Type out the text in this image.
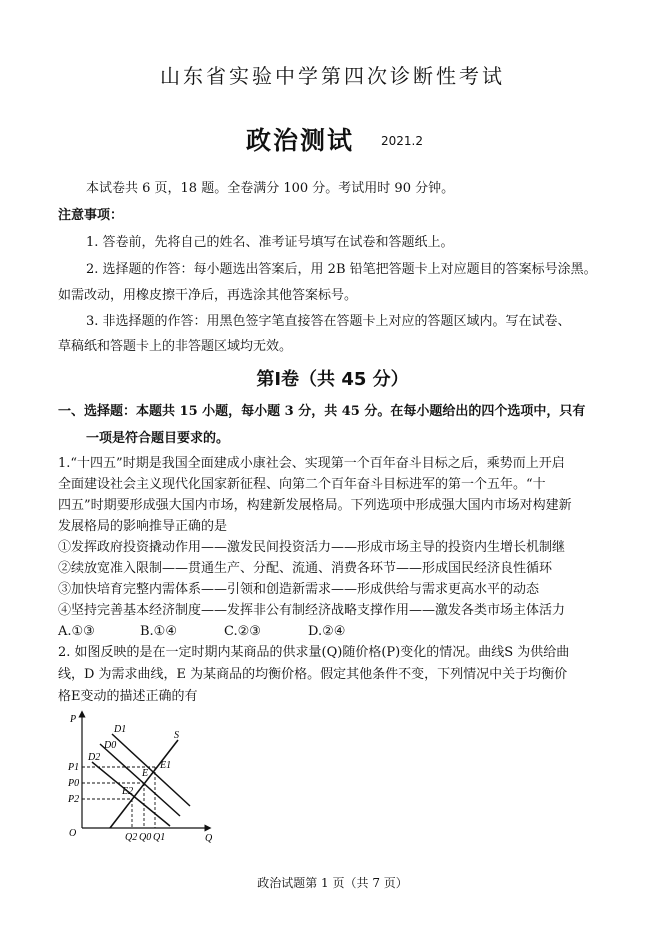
山东省实验中学第四次诊断性考试
政治测试 2021.2
本试卷共 6 页，18 题。全卷满分 100 分。考试用时 90 分钟。
注意事项：
1. 答卷前，先将自己的姓名、准考证号填写在试卷和答题纸上。
2. 选择题的作答：每小题选出答案后，用 2B 铅笔把答题卡上对应题目的答案标号涂黑。
如需改动，用橡皮擦干净后，再选涂其他答案标号。
3. 非选择题的作答：用黑色签字笔直接答在答题卡上对应的答题区域内。写在试卷、
草稿纸和答题卡上的非答题区域均无效。
第Ⅰ卷（共 45 分）
一、选择题：本题共 15 小题，每小题 3 分，共 45 分。在每小题给出的四个选项中，只有
一项是符合题目要求的。
1.“十四五”时期是我国全面建成小康社会、实现第一个百年奋斗目标之后，乘势而上开启
全面建设社会主义现代化国家新征程、向第二个百年奋斗目标进军的第一个五年。“十
四五”时期要形成强大国内市场，构建新发展格局。下列选项中形成强大国内市场对构建新
发展格局的影响推导正确的是
①发挥政府投资撬动作用——激发民间投资活力——形成市场主导的投资内生增长机制继
②续放宽准入限制——贯通生产、分配、流通、消费各环节——形成国民经济良性循环
③加快培育完整内需体系——引领和创造新需求——形成供给与需求更高水平的动态
④坚持完善基本经济制度——发挥非公有制经济战略支撑作用——激发各类市场主体活力
A.①③	B.①④	C.②③	D.②④
2. 如图反映的是在一定时期内某商品的供求量(Q)随价格(P)变化的情况。曲线S 为供给曲
线，D 为需求曲线，E 为某商品的均衡价格。假定其他条件不变，下列情况中关于均衡价
格E变动的描述正确的有
P
Q
O
S
D1
D0
D2
E
E1
E2
P1
P0
P2
Q2 Q0 Q1
政治试题第 1 页（共 7 页）
